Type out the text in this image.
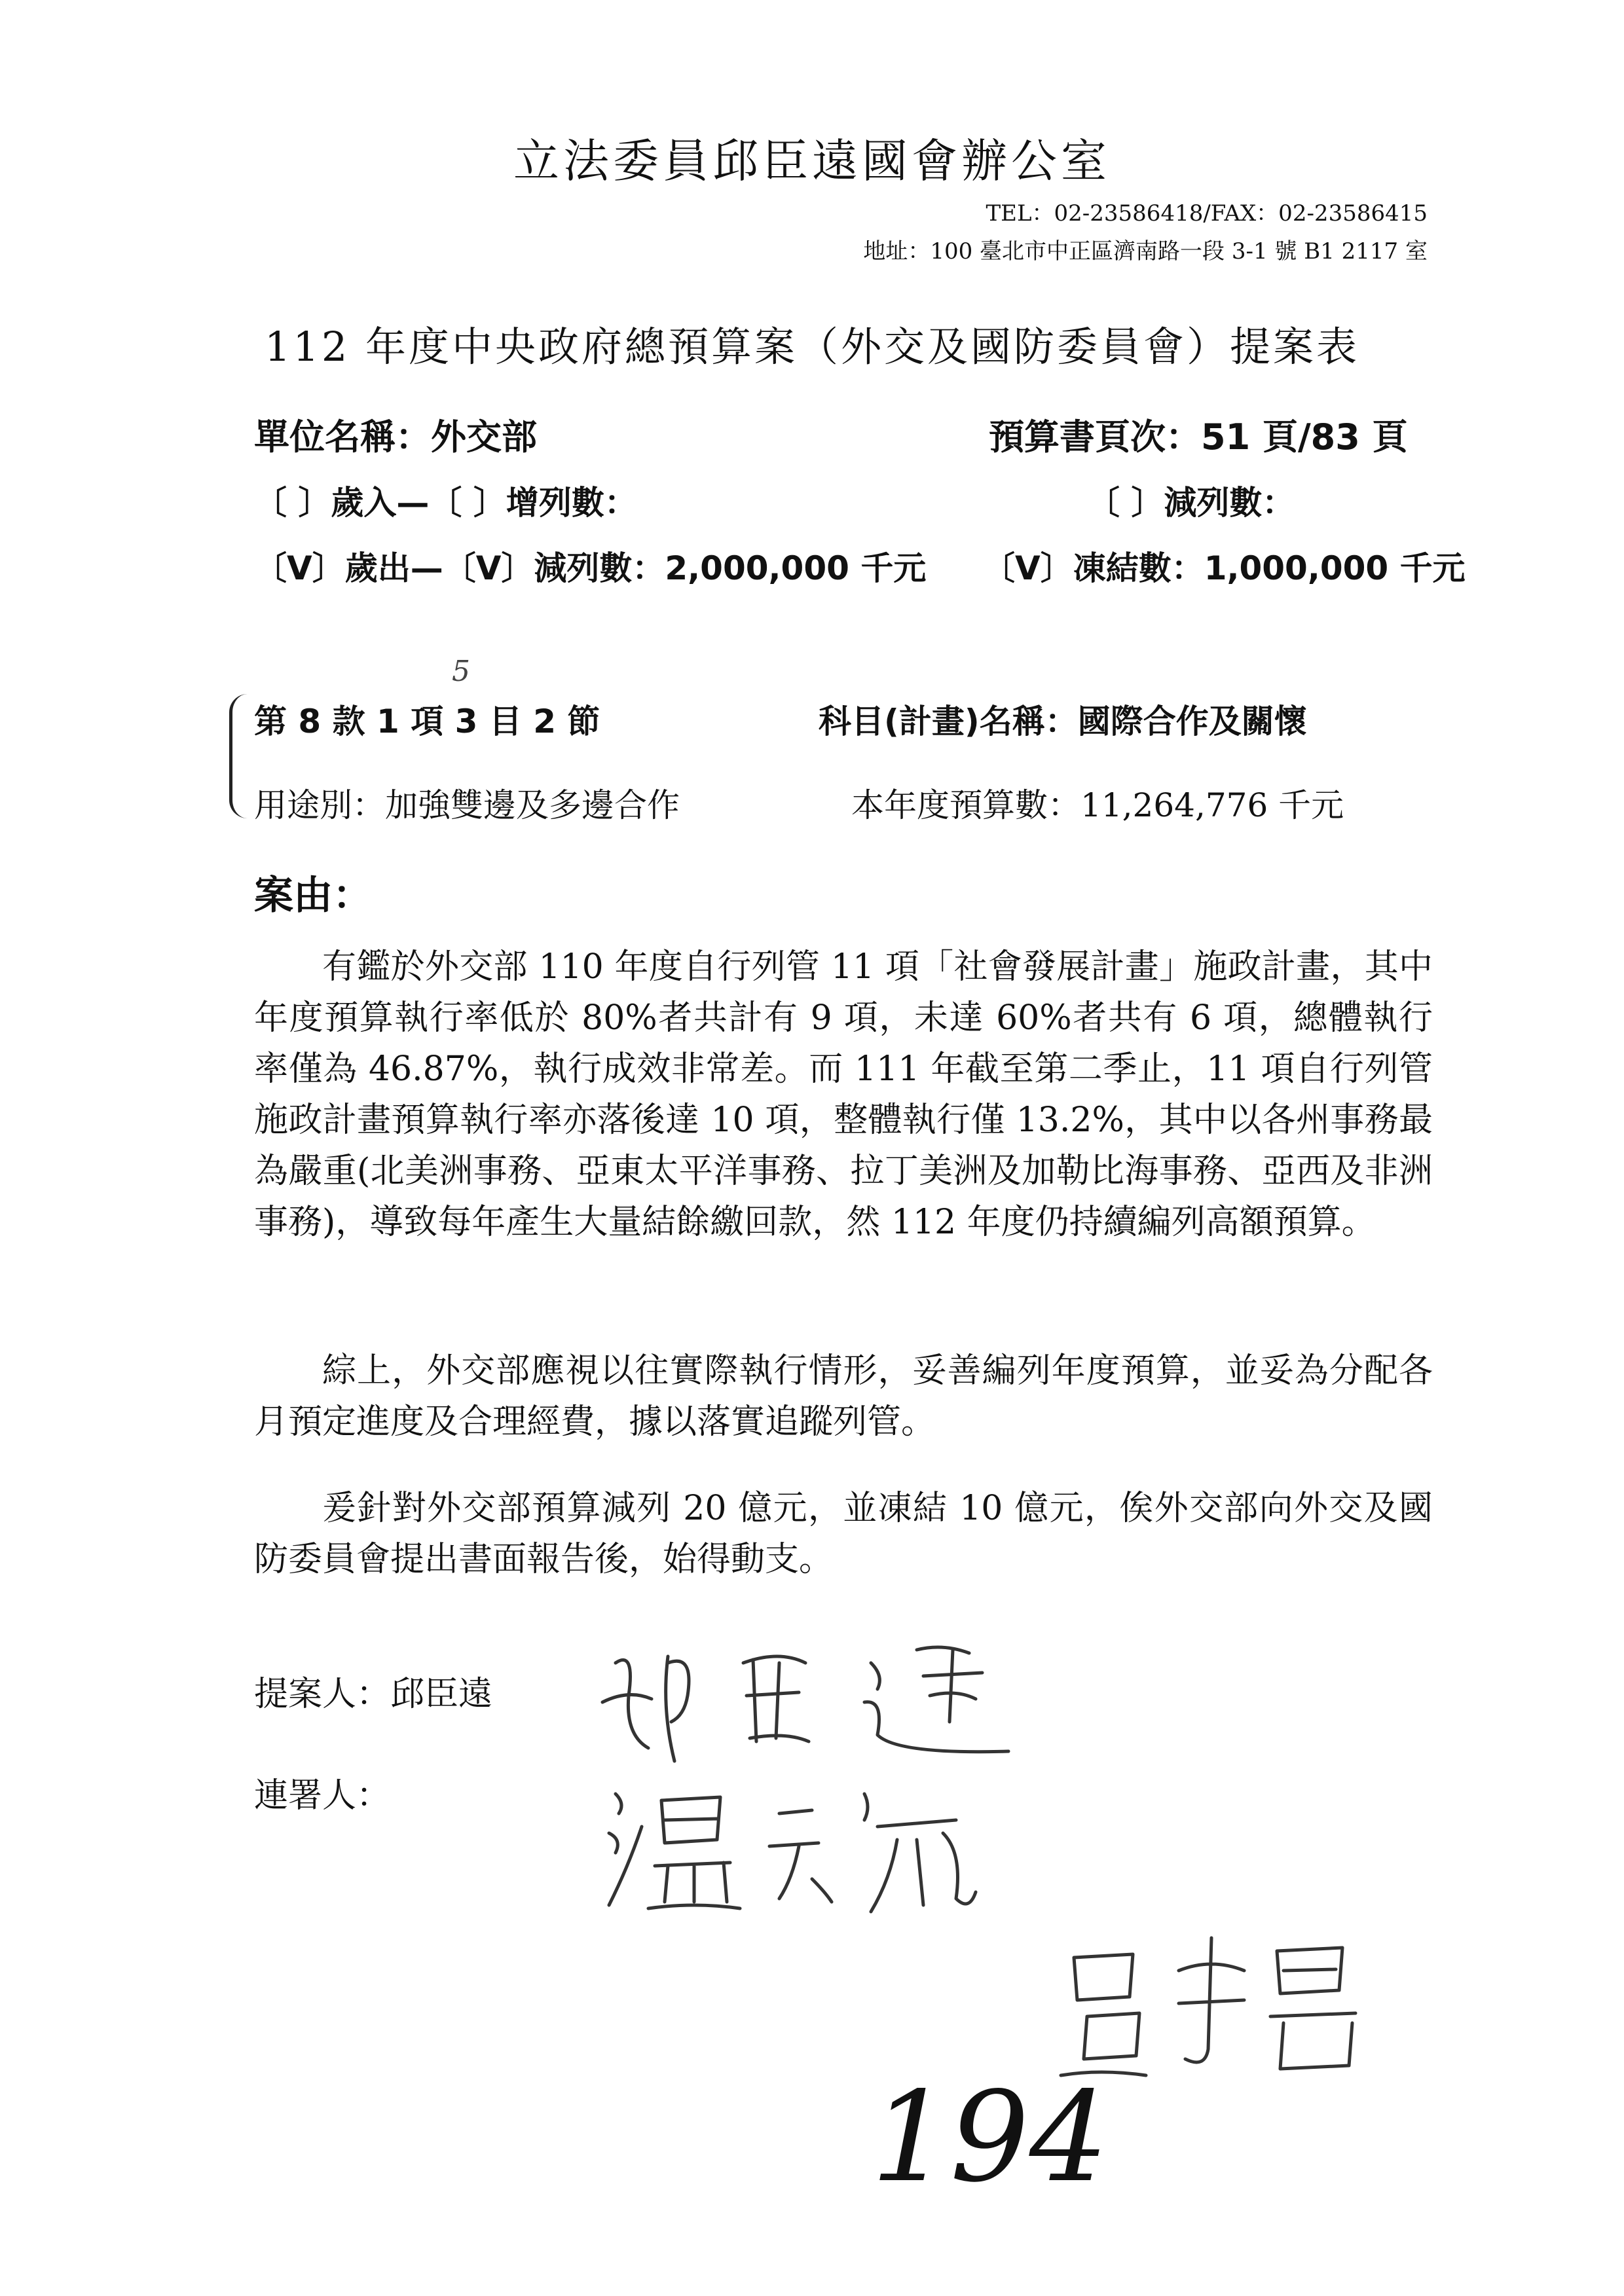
立法委員邱臣遠國會辦公室
TEL：02-23586418/FAX：02-23586415
地址：100 臺北市中正區濟南路一段 3-1 號 B1 2117 室
112 年度中央政府總預算案（外交及國防委員會）提案表
單位名稱：外交部	預算書頁次：51 頁/83 頁
〔 〕歲入—〔 〕增列數：	〔 〕減列數：
〔V〕歲出—〔V〕減列數：2,000,000 千元 〔V〕凍結數：1,000,000 千元
第 8 款 1 項 3 目 2 節
5
科目(計畫)名稱：國際合作及關懷
用途別：加強雙邊及多邊合作	本年度預算數：11,264,776 千元
案由：
有鑑於外交部 110 年度自行列管 11 項「社會發展計畫」施政計畫，其中年度預算執行率低於 80%者共計有 9 項，未達 60%者共有 6 項，總體執行率僅為 46.87%，執行成效非常差。而 111 年截至第二季止，11 項自行列管施政計畫預算執行率亦落後達 10 項，整體執行僅 13.2%，其中以各州事務最為嚴重(北美洲事務、亞東太平洋事務、拉丁美洲及加勒比海事務、亞西及非洲事務)，導致每年產生大量結餘繳回款，然 112 年度仍持續編列高額預算。
綜上，外交部應視以往實際執行情形，妥善編列年度預算，並妥為分配各月預定進度及合理經費，據以落實追蹤列管。
爰針對外交部預算減列 20 億元，並凍結 10 億元，俟外交部向外交及國防委員會提出書面報告後，始得動支。
提案人：邱臣遠
連署人：
194
